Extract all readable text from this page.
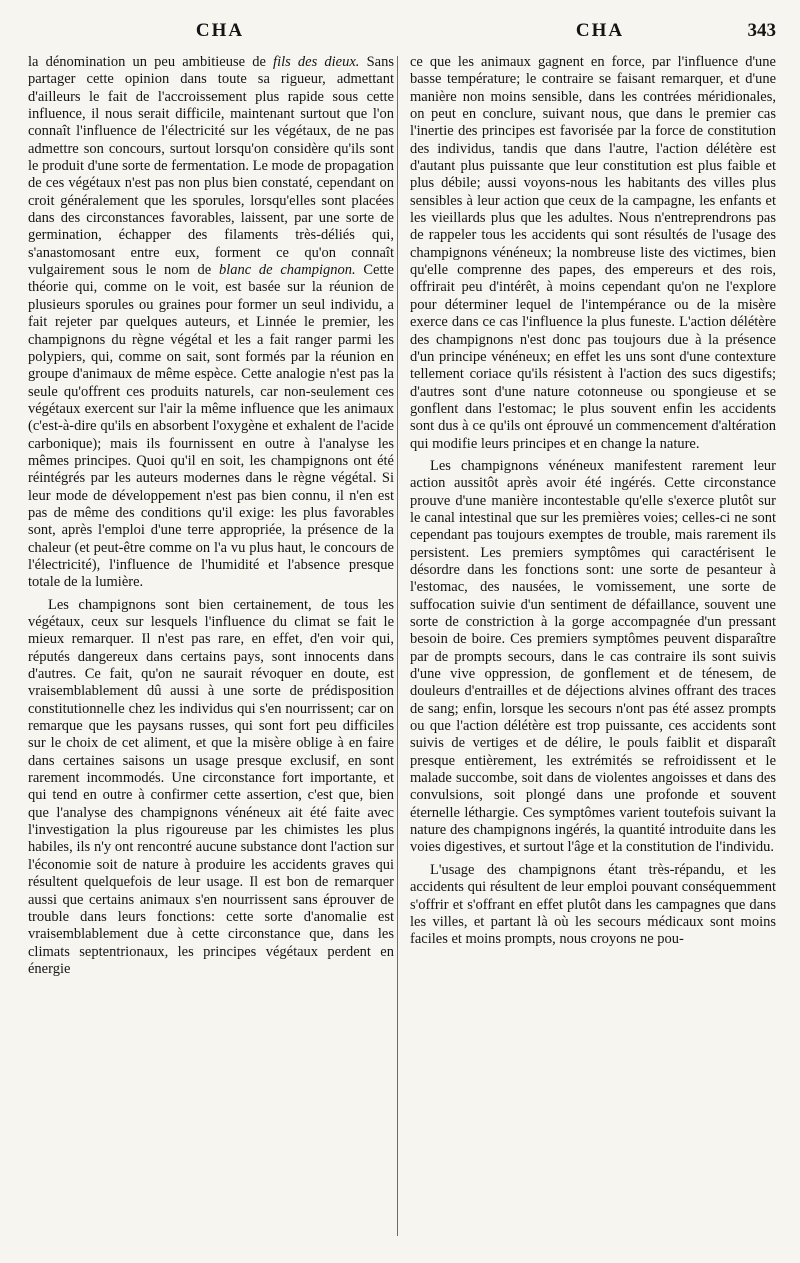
CHA	CHA	343

la dénomination un peu ambitieuse de fils des dieux. Sans partager cette opinion dans toute sa rigueur, admettant d'ailleurs le fait de l'accroissement plus rapide sous cette influence, il nous serait difficile, maintenant surtout que l'on connaît l'influence de l'électricité sur les végétaux, de ne pas admettre son concours, surtout lorsqu'on considère qu'ils sont le produit d'une sorte de fermentation. Le mode de propagation de ces végétaux n'est pas non plus bien constaté, cependant on croit généralement que les sporules, lorsqu'elles sont placées dans des circonstances favorables, laissent, par une sorte de germination, échapper des filaments très-déliés qui, s'anastomosant entre eux, forment ce qu'on connaît vulgairement sous le nom de blanc de champignon. Cette théorie qui, comme on le voit, est basée sur la réunion de plusieurs sporules ou graines pour former un seul individu, a fait rejeter par quelques auteurs, et Linnée le premier, les champignons du règne végétal et les a fait ranger parmi les polypiers, qui, comme on sait, sont formés par la réunion en groupe d'animaux de même espèce. Cette analogie n'est pas la seule qu'offrent ces produits naturels, car non-seulement ces végétaux exercent sur l'air la même influence que les animaux (c'est-à-dire qu'ils en absorbent l'oxygène et exhalent de l'acide carbonique); mais ils fournissent en outre à l'analyse les mêmes principes. Quoi qu'il en soit, les champignons ont été réintégrés par les auteurs modernes dans le règne végétal. Si leur mode de développement n'est pas bien connu, il n'en est pas de même des conditions qu'il exige: les plus favorables sont, après l'emploi d'une terre appropriée, la présence de la chaleur (et peut-être comme on l'a vu plus haut, le concours de l'électricité), l'influence de l'humidité et l'absence presque totale de la lumière.

Les champignons sont bien certainement, de tous les végétaux, ceux sur lesquels l'influence du climat se fait le mieux remarquer. Il n'est pas rare, en effet, d'en voir qui, réputés dangereux dans certains pays, sont innocents dans d'autres. Ce fait, qu'on ne saurait révoquer en doute, est vraisemblablement dû aussi à une sorte de prédisposition constitutionnelle chez les individus qui s'en nourrissent; car on remarque que les paysans russes, qui sont fort peu difficiles sur le choix de cet aliment, et que la misère oblige à en faire dans certaines saisons un usage presque exclusif, en sont rarement incommodés. Une circonstance fort importante, et qui tend en outre à confirmer cette assertion, c'est que, bien que l'analyse des champignons vénéneux ait été faite avec l'investigation la plus rigoureuse par les chimistes les plus habiles, ils n'y ont rencontré aucune substance dont l'action sur l'économie soit de nature à produire les accidents graves qui résultent quelquefois de leur usage. Il est bon de remarquer aussi que certains animaux s'en nourrissent sans éprouver de trouble dans leurs fonctions: cette sorte d'anomalie est vraisemblablement due à cette circonstance que, dans les climats septentrionaux, les principes végétaux perdent en énergie

ce que les animaux gagnent en force, par l'influence d'une basse température; le contraire se faisant remarquer, et d'une manière non moins sensible, dans les contrées méridionales, on peut en conclure, suivant nous, que dans le premier cas l'inertie des principes est favorisée par la force de constitution des individus, tandis que dans l'autre, l'action délétère est d'autant plus puissante que leur constitution est plus faible et plus débile; aussi voyons-nous les habitants des villes plus sensibles à leur action que ceux de la campagne, les enfants et les vieillards plus que les adultes. Nous n'entreprendrons pas de rappeler tous les accidents qui sont résultés de l'usage des champignons vénéneux; la nombreuse liste des victimes, bien qu'elle comprenne des papes, des empereurs et des rois, offrirait peu d'intérêt, à moins cependant qu'on ne l'explore pour déterminer lequel de l'intempérance ou de la misère exerce dans ce cas l'influence la plus funeste. L'action délétère des champignons n'est donc pas toujours due à la présence d'un principe vénéneux; en effet les uns sont d'une contexture tellement coriace qu'ils résistent à l'action des sucs digestifs; d'autres sont d'une nature cotonneuse ou spongieuse et se gonflent dans l'estomac; le plus souvent enfin les accidents sont dus à ce qu'ils ont éprouvé un commencement d'altération qui modifie leurs principes et en change la nature.

Les champignons vénéneux manifestent rarement leur action aussitôt après avoir été ingérés. Cette circonstance prouve d'une manière incontestable qu'elle s'exerce plutôt sur le canal intestinal que sur les premières voies; celles-ci ne sont cependant pas toujours exemptes de trouble, mais rarement ils persistent. Les premiers symptômes qui caractérisent le désordre dans les fonctions sont: une sorte de pesanteur à l'estomac, des nausées, le vomissement, une sorte de suffocation suivie d'un sentiment de défaillance, souvent une sorte de constriction à la gorge accompagnée d'un pressant besoin de boire. Ces premiers symptômes peuvent disparaître par de prompts secours, dans le cas contraire ils sont suivis d'une vive oppression, de gonflement et de ténesem, de douleurs d'entrailles et de déjections alvines offrant des traces de sang; enfin, lorsque les secours n'ont pas été assez prompts ou que l'action délétère est trop puissante, ces accidents sont suivis de vertiges et de délire, le pouls faiblit et disparaît presque entièrement, les extrémités se refroidissent et le malade succombe, soit dans de violentes angoisses et dans des convulsions, soit plongé dans une profonde et souvent éternelle léthargie. Ces symptômes varient toutefois suivant la nature des champignons ingérés, la quantité introduite dans les voies digestives, et surtout l'âge et la constitution de l'individu.

L'usage des champignons étant très-répandu, et les accidents qui résultent de leur emploi pouvant conséquemment s'offrir et s'offrant en effet plutôt dans les campagnes que dans les villes, et partant là où les secours médicaux sont moins faciles et moins prompts, nous croyons ne pou-
